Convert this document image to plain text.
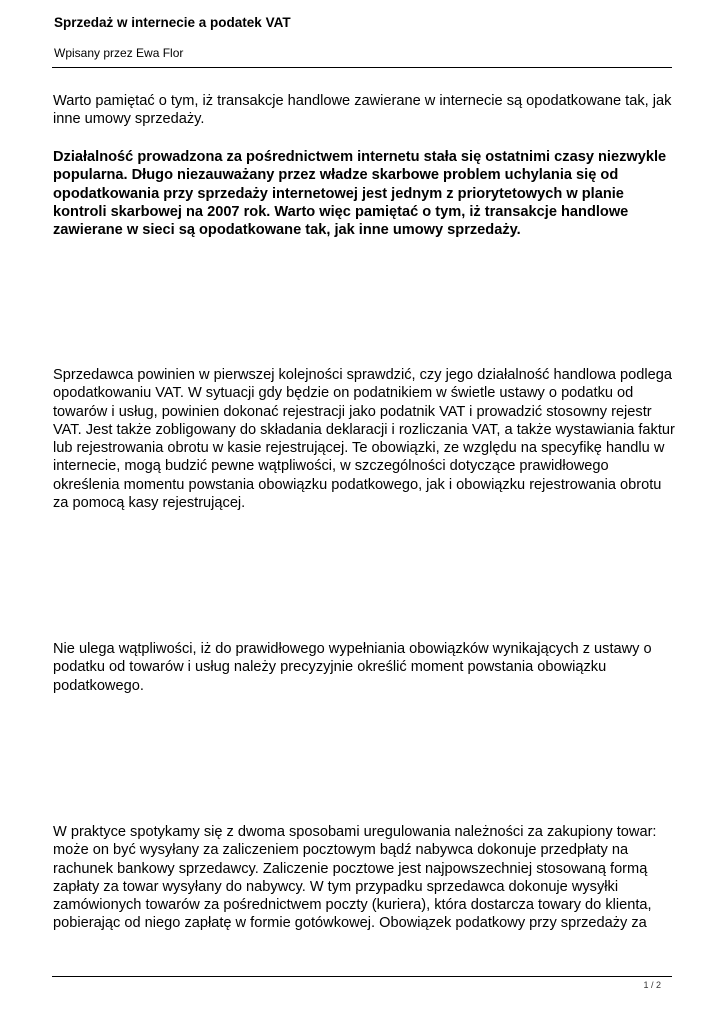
Sprzedaż w internecie a podatek VAT
Wpisany przez Ewa Flor

Warto pamiętać o tym, iż transakcje handlowe zawierane w internecie są opodatkowane tak, jak inne umowy sprzedaży.

Działalność prowadzona za pośrednictwem internetu stała się ostatnimi czasy niezwykle popularna. Długo niezauważany przez władze skarbowe problem uchylania się od opodatkowania przy sprzedaży internetowej jest jednym z priorytetowych w planie kontroli skarbowej na 2007 rok. Warto więc pamiętać o tym, iż transakcje handlowe zawierane w sieci są opodatkowane tak, jak inne umowy sprzedaży.

Sprzedawca powinien w pierwszej kolejności sprawdzić, czy jego działalność handlowa podlega opodatkowaniu VAT. W sytuacji gdy będzie on podatnikiem w świetle ustawy o podatku od towarów i usług, powinien dokonać rejestracji jako podatnik VAT i prowadzić stosowny rejestr VAT. Jest także zobligowany do składania deklaracji i rozliczania VAT, a także wystawiania faktur lub rejestrowania obrotu w kasie rejestrującej. Te obowiązki, ze względu na specyfikę handlu w internecie, mogą budzić pewne wątpliwości, w szczególności dotyczące prawidłowego określenia momentu powstania obowiązku podatkowego, jak i obowiązku rejestrowania obrotu za pomocą kasy rejestrującej.

Nie ulega wątpliwości, iż do prawidłowego wypełniania obowiązków wynikających z ustawy o podatku od towarów i usług należy precyzyjnie określić moment powstania obowiązku podatkowego.

W praktyce spotykamy się z dwoma sposobami uregulowania należności za zakupiony towar: może on być wysyłany za zaliczeniem pocztowym bądź nabywca dokonuje przedpłaty na rachunek bankowy sprzedawcy. Zaliczenie pocztowe jest najpowszechniej stosowaną formą zapłaty za towar wysyłany do nabywcy. W tym przypadku sprzedawca dokonuje wysyłki zamówionych towarów za pośrednictwem poczty (kuriera), która dostarcza towary do klienta, pobierając od niego zapłatę w formie gotówkowej. Obowiązek podatkowy przy sprzedaży za

1 / 2
